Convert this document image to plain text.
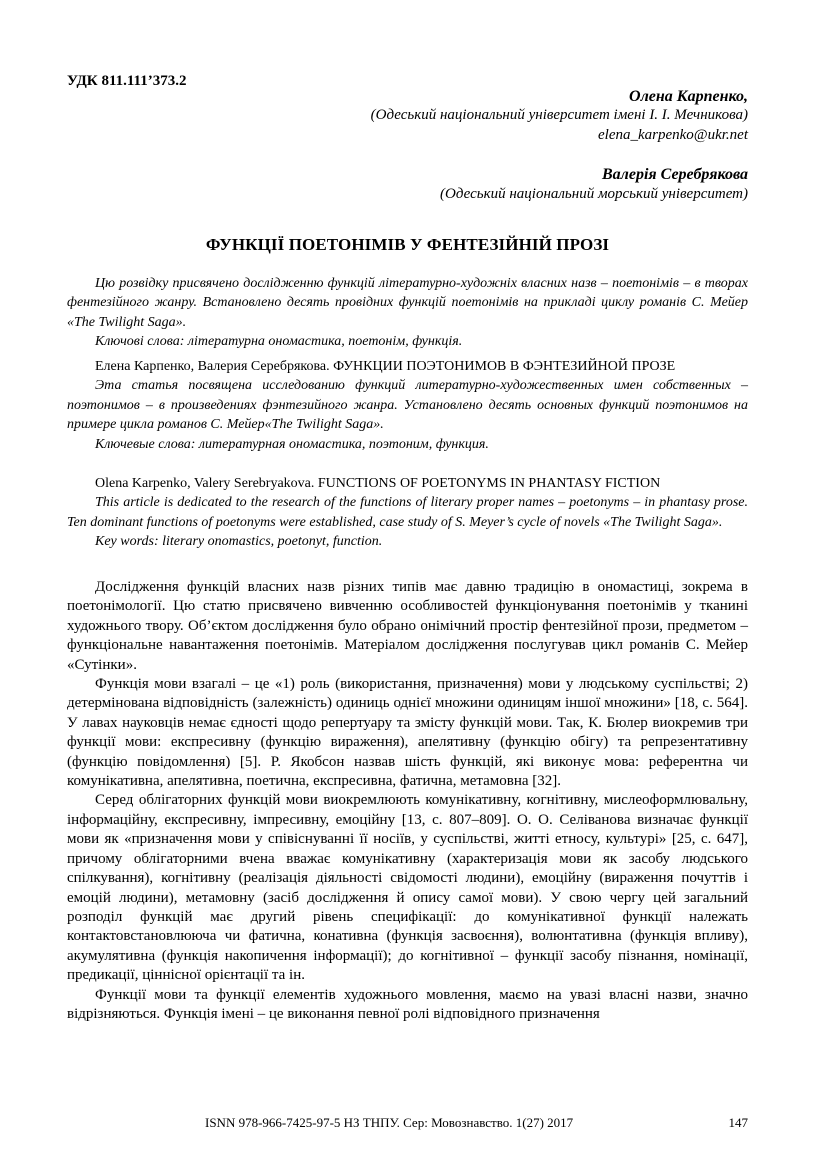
УДК 811.111’373.2
Олена Карпенко,
(Одеський національний університет імені І. І. Мечникова)
elena_karpenko@ukr.net
Валерія Серебрякова
(Одеський національний морський університет)
ФУНКЦІЇ ПОЕТОНІМІВ У ФЕНТЕЗІЙНІЙ ПРОЗІ

Цю розвідку присвячено дослідженню функцій літературно-художніх власних назв – поетонімів – в творах фентезійного жанру. Встановлено десять провідних функцій поетонімів на прикладі циклу романів С. Мейер «The Twilight Saga».

Ключові слова: літературна ономастика, поетонім, функція.

Елена Карпенко, Валерия Серебрякова. ФУНКЦИИ ПОЭТОНИМОВ В ФЭНТЕЗИЙНОЙ ПРОЗЕ

Эта статья посвящена исследованию функций литературно-художественных имен собственных – поэтонимов – в произведениях фэнтезийного жанра. Установлено десять основных функций поэтонимов на примере цикла романов С. Мейер«The Twilight Saga».

Ключевые слова: литературная ономастика, поэтоним, функция.

Olena Karpenko, Valery Serebryakova. FUNCTIONS OF POETONYMS IN PHANTASY FICTION

This article is dedicated to the research of the functions of literary proper names – poetonyms – in phantasy prose. Ten dominant functions of poetonyms were established, case study of S. Meyer’s cycle of novels «The Twilight Saga».

Key words: literary onomastics, poetonyt, function.

Дослідження функцій власних назв різних типів має давню традицію в ономастиці, зокрема в поетонімології. Цю статю присвячено вивченню особливостей функціонування поетонімів у тканині художнього твору. Об’єктом дослідження було обрано онімічний простір фентезійної прози, предметом – функціональне навантаження поетонімів. Матеріалом дослідження послугував цикл романів С. Мейер «Сутінки».

Функція мови взагалі – це «1) роль (використання, призначення) мови у людському суспільстві; 2) детермінована відповідність (залежність) одиниць однієї множини одиницям іншої множини» [18, с. 564]. У лавах науковців немає єдності щодо репертуару та змісту функцій мови. Так, К. Бюлер виокремив три функції мови: експресивну (функцію вираження), апелятивну (функцію обігу) та репрезентативну (функцію повідомлення) [5]. Р. Якобсон назвав шість функцій, які виконує мова: референтна чи комунікативна, апелятивна, поетична, експресивна, фатична, метамовна [32].

Серед облігаторних функцій мови виокремлюють комунікативну, когнітивну, мислеоформлювальну, інформаційну, експресивну, імпресивну, емоційну [13, с. 807–809]. О. О. Селіванова визначає функції мови як «призначення мови у співіснуванні її носіїв, у суспільстві, житті етносу, культурі» [25, с. 647], причому облігаторними вчена вважає комунікативну (характеризація мови як засобу людського спілкування), когнітивну (реалізація діяльності свідомості людини), емоційну (вираження почуттів і емоцій людини), метамовну (засіб дослідження й опису самої мови). У свою чергу цей загальний розподіл функцій має другий рівень специфікації: до комунікативної функції належать контактовстановлююча чи фатична, конативна (функція засвоєння), волюнтативна (функція впливу), акумулятивна (функція накопичення інформації); до когнітивної – функції засобу пізнання, номінації, предикації, ціннісної орієнтації та ін.

Функції мови та функції елементів художнього мовлення, маємо на увазі власні назви, значно відрізняються. Функція імені – це виконання певної ролі відповідного призначення

ISNN 978-966-7425-97-5 НЗ ТНПУ. Сер: Мовознавство. 1(27) 2017	147
